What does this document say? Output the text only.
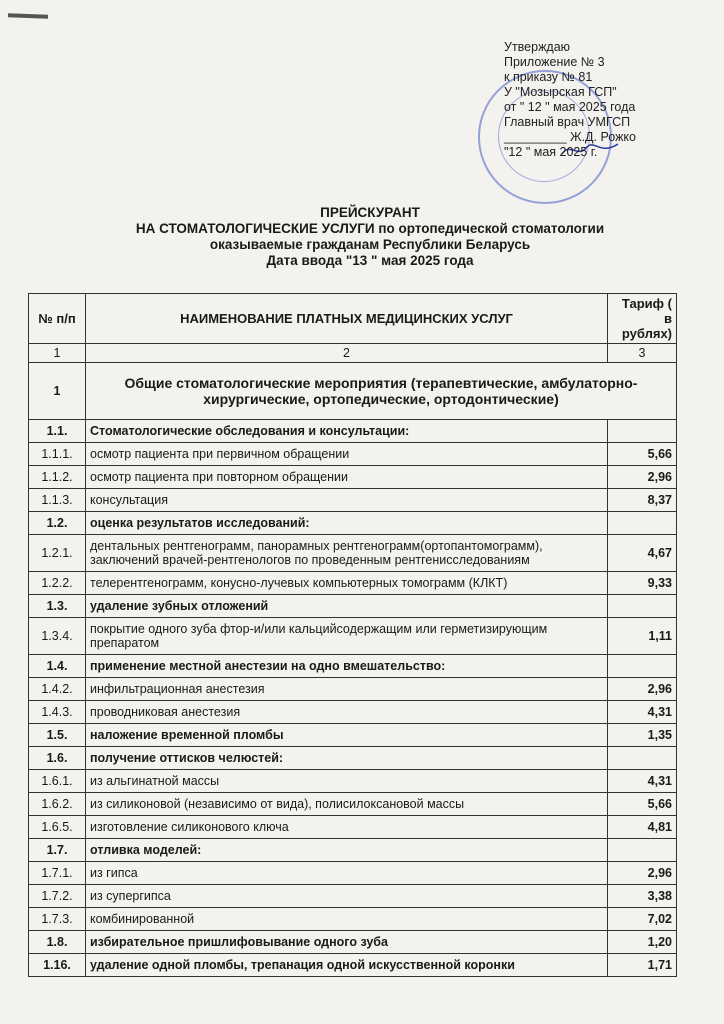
Утверждаю
Приложение № 3
к приказу № 81
У "Мозырская ГСП"
от " 12 " мая 2025 года
Главный врач УМГСП
_________ Ж.Д. Рожко
"12 " мая 2025 г.
ПРЕЙСКУРАНТ
НА СТОМАТОЛОГИЧЕСКИЕ УСЛУГИ по ортопедической стоматологии
оказываемые гражданам Республики Беларусь
Дата ввода "13 " мая 2025 года
№ п/п	НАИМЕНОВАНИЕ ПЛАТНЫХ МЕДИЦИНСКИХ УСЛУГ	Тариф ( в рублях)
1	2	3
1	Общие стоматологические мероприятия (терапевтические, амбулаторно-хирургические, ортопедические, ортодонтические)	
1.1.	Стоматологические обследования и консультации:	
1.1.1.	осмотр пациента при первичном обращении	5,66
1.1.2.	осмотр пациента при повторном обращении	2,96
1.1.3.	консультация	8,37
1.2.	оценка результатов исследований:	
1.2.1.	дентальных рентгенограмм, панорамных рентгенограмм(ортопантомограмм), заключений врачей-рентгенологов по проведенным рентгенисследованиям	4,67
1.2.2.	телерентгенограмм, конусно-лучевых компьютерных томограмм (КЛКТ)	9,33
1.3.	удаление зубных отложений	
1.3.4.	покрытие одного зуба фтор-и/или кальцийсодержащим или герметизирующим препаратом	1,11
1.4.	применение местной анестезии на одно вмешательство:	
1.4.2.	инфильтрационная анестезия	2,96
1.4.3.	проводниковая анестезия	4,31
1.5.	наложение временной пломбы	1,35
1.6.	получение оттисков челюстей:	
1.6.1.	из альгинатной массы	4,31
1.6.2.	из силиконовой (независимо от вида), полисилоксановой массы	5,66
1.6.5.	изготовление силиконового ключа	4,81
1.7.	отливка моделей:	
1.7.1.	из гипса	2,96
1.7.2.	из супергипса	3,38
1.7.3.	комбинированной	7,02
1.8.	избирательное пришлифовывание одного зуба	1,20
1.16.	удаление одной пломбы, трепанация одной искусственной коронки	1,71
